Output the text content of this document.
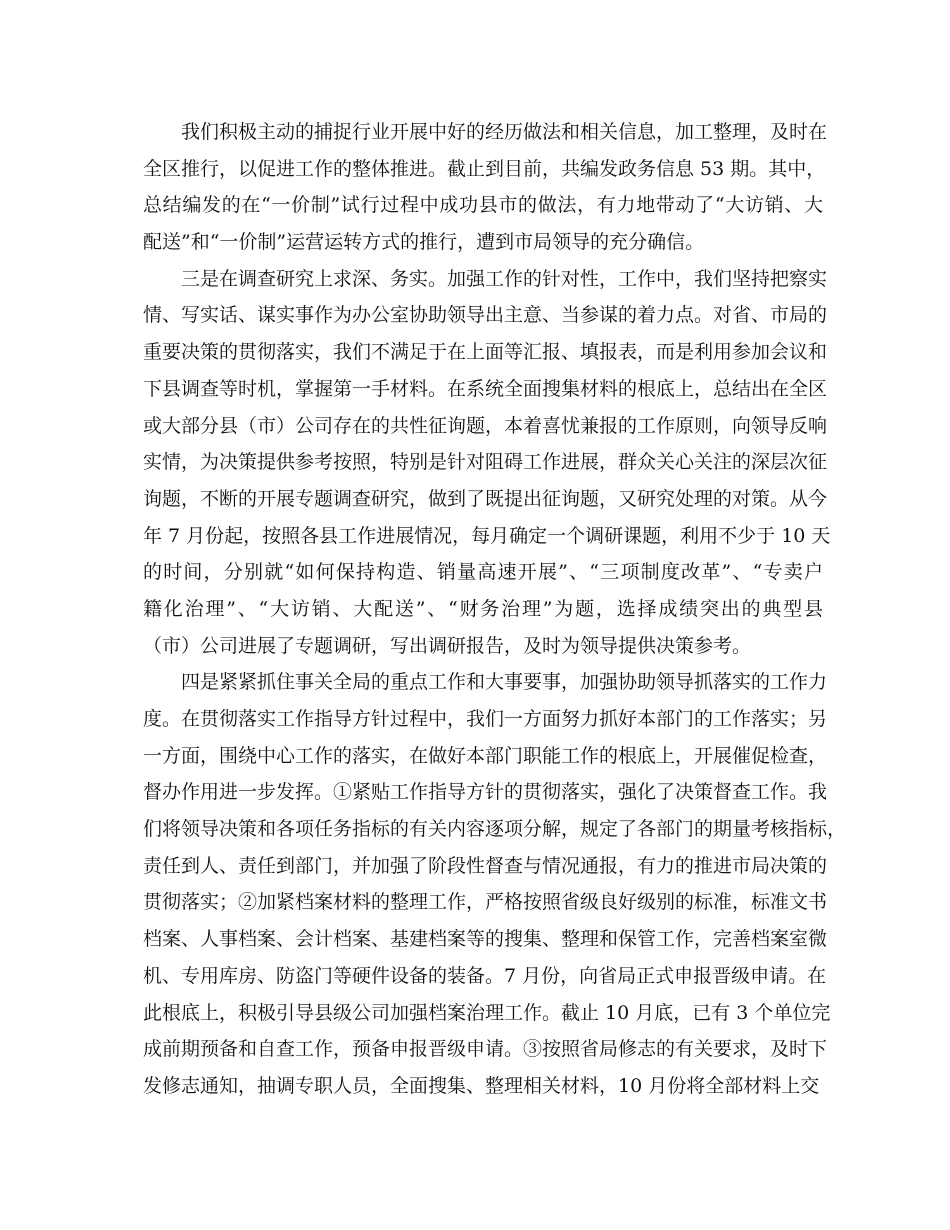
我们积极主动的捕捉行业开展中好的经历做法和相关信息，加工整理，及时在
全区推行，以促进工作的整体推进。截止到目前，共编发政务信息 53 期。其中，
总结编发的在“一价制”试行过程中成功县市的做法，有力地带动了“大访销、大
配送”和“一价制”运营运转方式的推行，遭到市局领导的充分确信。
三是在调查研究上求深、务实。加强工作的针对性，工作中，我们坚持把察实
情、写实话、谋实事作为办公室协助领导出主意、当参谋的着力点。对省、市局的
重要决策的贯彻落实，我们不满足于在上面等汇报、填报表，而是利用参加会议和
下县调查等时机，掌握第一手材料。在系统全面搜集材料的根底上，总结出在全区
或大部分县（市）公司存在的共性征询题，本着喜忧兼报的工作原则，向领导反响
实情，为决策提供参考按照，特别是针对阻碍工作进展，群众关心关注的深层次征
询题，不断的开展专题调查研究，做到了既提出征询题，又研究处理的对策。从今
年 7 月份起，按照各县工作进展情况，每月确定一个调研课题，利用不少于 10 天
的时间，分别就“如何保持构造、销量高速开展”、“三项制度改革”、“专卖户
籍化治理”、“大访销、大配送”、“财务治理”为题，选择成绩突出的典型县
（市）公司进展了专题调研，写出调研报告，及时为领导提供决策参考。
四是紧紧抓住事关全局的重点工作和大事要事，加强协助领导抓落实的工作力
度。在贯彻落实工作指导方针过程中，我们一方面努力抓好本部门的工作落实；另
一方面，围绕中心工作的落实，在做好本部门职能工作的根底上，开展催促检查，
督办作用进一步发挥。①紧贴工作指导方针的贯彻落实，强化了决策督查工作。我
们将领导决策和各项任务指标的有关内容逐项分解，规定了各部门的期量考核指标，
责任到人、责任到部门，并加强了阶段性督查与情况通报，有力的推进市局决策的
贯彻落实；②加紧档案材料的整理工作，严格按照省级良好级别的标准，标准文书
档案、人事档案、会计档案、基建档案等的搜集、整理和保管工作，完善档案室微
机、专用库房、防盗门等硬件设备的装备。7 月份，向省局正式申报晋级申请。在
此根底上，积极引导县级公司加强档案治理工作。截止 10 月底，已有 3 个单位完
成前期预备和自查工作，预备申报晋级申请。③按照省局修志的有关要求，及时下
发修志通知，抽调专职人员，全面搜集、整理相关材料，10 月份将全部材料上交
